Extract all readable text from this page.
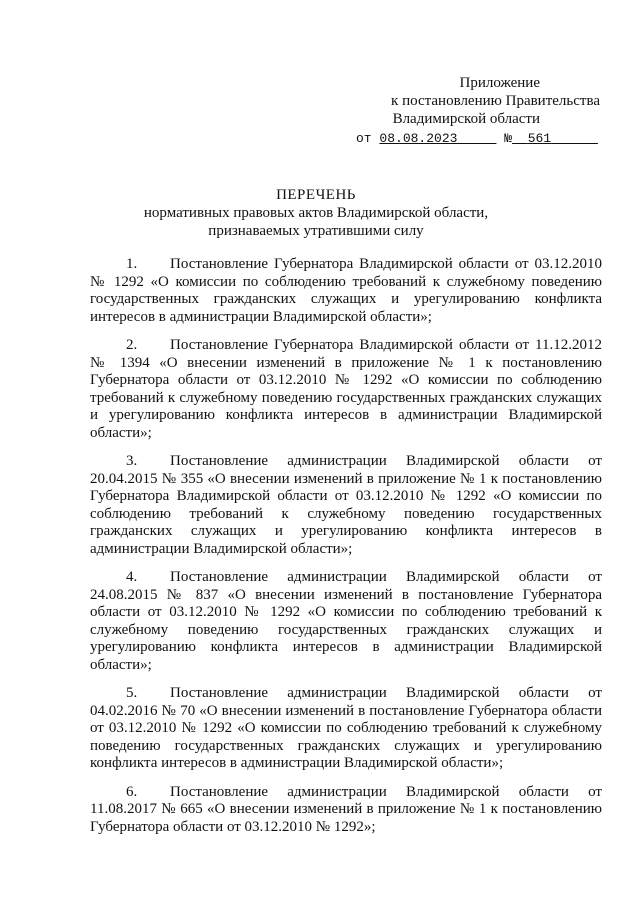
Приложение
к постановлению Правительства
Владимирской области
от 08.08.2023	№ 561
ПЕРЕЧЕНЬ
нормативных правовых актов Владимирской области,
признаваемых утратившими силу
1. Постановление Губернатора Владимирской области от 03.12.2010 № 1292 «О комиссии по соблюдению требований к служебному поведению государственных гражданских служащих и урегулированию конфликта интересов в администрации Владимирской области»;
2. Постановление Губернатора Владимирской области от 11.12.2012 № 1394 «О внесении изменений в приложение № 1 к постановлению Губернатора области от 03.12.2010 № 1292 «О комиссии по соблюдению требований к служебному поведению государственных гражданских служащих и урегулированию конфликта интересов в администрации Владимирской области»;
3. Постановление администрации Владимирской области от 20.04.2015 № 355 «О внесении изменений в приложение № 1 к постановлению Губернатора Владимирской области от 03.12.2010 № 1292 «О комиссии по соблюдению требований к служебному поведению государственных гражданских служащих и урегулированию конфликта интересов в администрации Владимирской области»;
4. Постановление администрации Владимирской области от 24.08.2015 № 837 «О внесении изменений в постановление Губернатора области от 03.12.2010 № 1292 «О комиссии по соблюдению требований к служебному поведению государственных гражданских служащих и урегулированию конфликта интересов в администрации Владимирской области»;
5. Постановление администрации Владимирской области от 04.02.2016 № 70 «О внесении изменений в постановление Губернатора области от 03.12.2010 № 1292 «О комиссии по соблюдению требований к служебному поведению государственных гражданских служащих и урегулированию конфликта интересов в администрации Владимирской области»;
6. Постановление администрации Владимирской области от 11.08.2017 № 665 «О внесении изменений в приложение № 1 к постановлению Губернатора области от 03.12.2010 № 1292»;
